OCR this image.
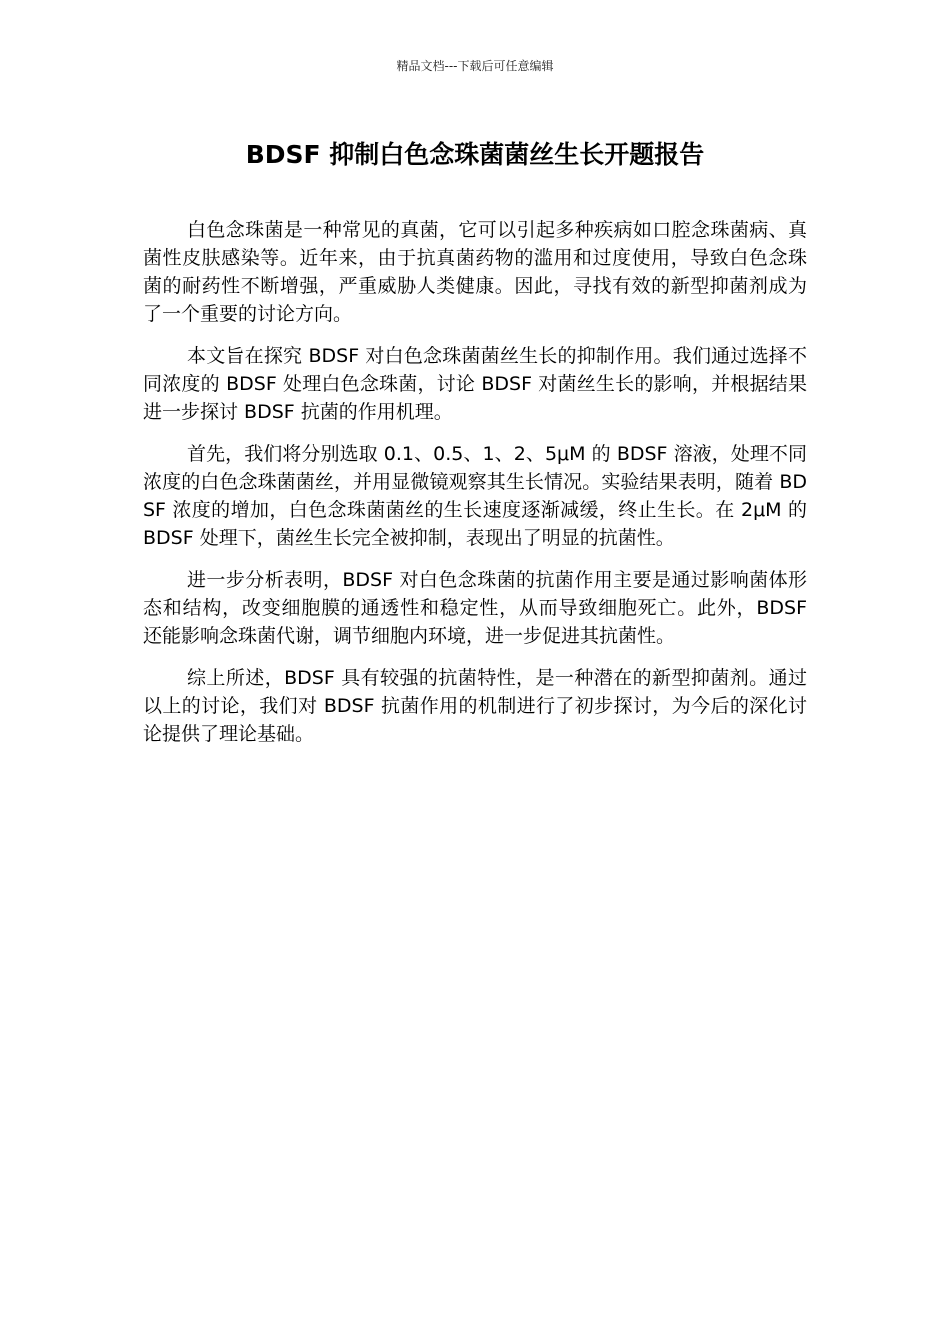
精品文档---下载后可任意编辑
BDSF 抑制白色念珠菌菌丝生长开题报告

白色念珠菌是一种常见的真菌，它可以引起多种疾病如口腔念珠菌病、真菌性皮肤感染等。近年来，由于抗真菌药物的滥用和过度使用，导致白色念珠菌的耐药性不断增强，严重威胁人类健康。因此，寻找有效的新型抑菌剂成为了一个重要的讨论方向。

本文旨在探究 BDSF 对白色念珠菌菌丝生长的抑制作用。我们通过选择不同浓度的 BDSF 处理白色念珠菌，讨论 BDSF 对菌丝生长的影响，并根据结果进一步探讨 BDSF 抗菌的作用机理。

首先，我们将分别选取 0.1、0.5、1、2、5μM 的 BDSF 溶液，处理不同浓度的白色念珠菌菌丝，并用显微镜观察其生长情况。实验结果表明，随着 BDSF 浓度的增加，白色念珠菌菌丝的生长速度逐渐减缓，终止生长。在 2μM 的 BDSF 处理下，菌丝生长完全被抑制，表现出了明显的抗菌性。

进一步分析表明，BDSF 对白色念珠菌的抗菌作用主要是通过影响菌体形态和结构，改变细胞膜的通透性和稳定性，从而导致细胞死亡。此外，BDSF 还能影响念珠菌代谢，调节细胞内环境，进一步促进其抗菌性。

综上所述，BDSF 具有较强的抗菌特性，是一种潜在的新型抑菌剂。通过以上的讨论，我们对 BDSF 抗菌作用的机制进行了初步探讨，为今后的深化讨论提供了理论基础。
